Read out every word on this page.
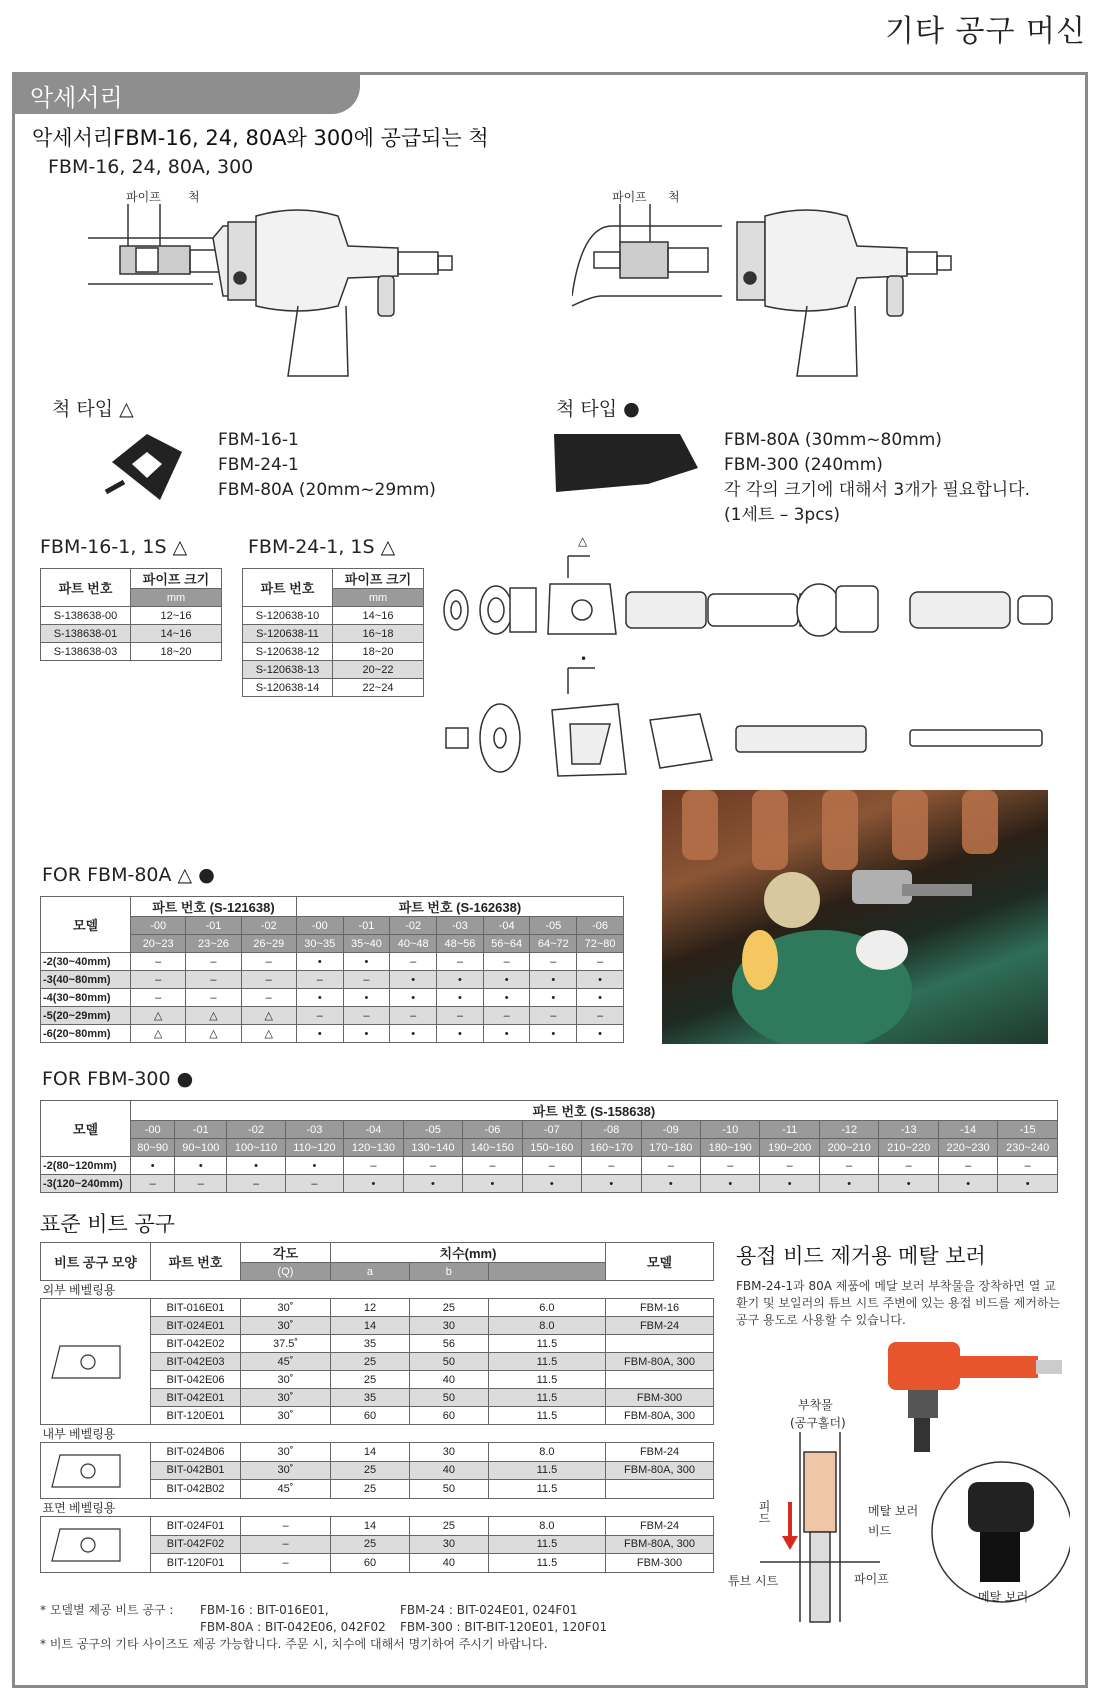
기타 공구 머신
악세서리
악세서리FBM-16, 24, 80A와 300에 공급되는 척
FBM-16, 24, 80A, 300
파이프 척	파이프 척
척 타입 △
FBM-16-1
FBM-24-1
FBM-80A (20mm~29mm)
척 타입 ●
FBM-80A (30mm~80mm)
FBM-300 (240mm)
각 각의 크기에 대해서 3개가 필요합니다.
(1세트 – 3pcs)
FBM-16-1, 1S △
파트 번호	파이프 크기
	mm
S-138638-00	12~16
S-138638-01	14~16
S-138638-03	18~20
FBM-24-1, 1S △
파트 번호	파이프 크기
	mm
S-120638-10	14~16
S-120638-11	16~18
S-120638-12	18~20
S-120638-13	20~22
S-120638-14	22~24
△
•
FOR FBM-80A △ ●
모델	파트 번호 (S-121638)			파트 번호 (S-162638)						
	-00	-01	-02	-00	-01	-02	-03	-04	-05	-06
	20~23	23~26	26~29	30~35	35~40	40~48	48~56	56~64	64~72	72~80
-2(30~40mm)	–	–	–	•	•	–	–	–	–	–
-3(40~80mm)	–	–	–	–	–	•	•	•	•	•
-4(30~80mm)	–	–	–	•	•	•	•	•	•	•
-5(20~29mm)	△	△	△	–	–	–	–	–	–	–
-6(20~80mm)	△	△	△	•	•	•	•	•	•	•
FOR FBM-300 ●
모델	파트 번호 (S-158638)															
	-00	-01	-02	-03	-04	-05	-06	-07	-08	-09	-10	-11	-12	-13	-14	-15
	80~90	90~100	100~110	110~120	120~130	130~140	140~150	150~160	160~170	170~180	180~190	190~200	200~210	210~220	220~230	230~240
-2(80~120mm)	•	•	•	•	–	–	–	–	–	–	–	–	–	–	–	–
-3(120~240mm)	–	–	–	–	•	•	•	•	•	•	•	•	•	•	•	•
표준 비트 공구
비트 공구 모양	파트 번호	각도	치수(mm)			모델
		(Q)	a	b		
외부 베벨링용						
	BIT-016E01	30˚	12	25	6.0	FBM-16
	BIT-024E01	30˚	14	30	8.0	FBM-24
	BIT-042E02	37.5˚	35	56	11.5	
	BIT-042E03	45˚	25	50	11.5	FBM-80A, 300
	BIT-042E06	30˚	25	40	11.5	
	BIT-042E01	30˚	35	50	11.5	FBM-300
	BIT-120E01	30˚	60	60	11.5	FBM-80A, 300
내부 베벨링용						
	BIT-024B06	30˚	14	30	8.0	FBM-24
	BIT-042B01	30˚	25	40	11.5	FBM-80A, 300
	BIT-042B02	45˚	25	50	11.5	
표면 베벨링용						
	BIT-024F01	–	14	25	8.0	FBM-24
	BIT-042F02	–	25	30	11.5	FBM-80A, 300
	BIT-120F01	–	60	40	11.5	FBM-300
* 모델별 제공 비트 공구 :	FBM-16 : BIT-016E01,	FBM-24 : BIT-024E01, 024F01
FBM-80A : BIT-042E06, 042F02	FBM-300 : BIT-BIT-120E01, 120F01
* 비트 공구의 기타 사이즈도 제공 가능합니다. 주문 시, 치수에 대해서 명기하여 주시기 바랍니다.
용접 비드 제거용 메탈 보러
FBM-24-1과 80A 제품에 메달 보러 부착물을 장착하면 열 교환기 및 보일러의 튜브 시트 주변에 있는 용접 비드를 제거하는 공구 용도로 사용할 수 있습니다.
부착물
(공구홀더)
피드	메탈 보러
비드
튜브 시트	파이프
메탈 보러
